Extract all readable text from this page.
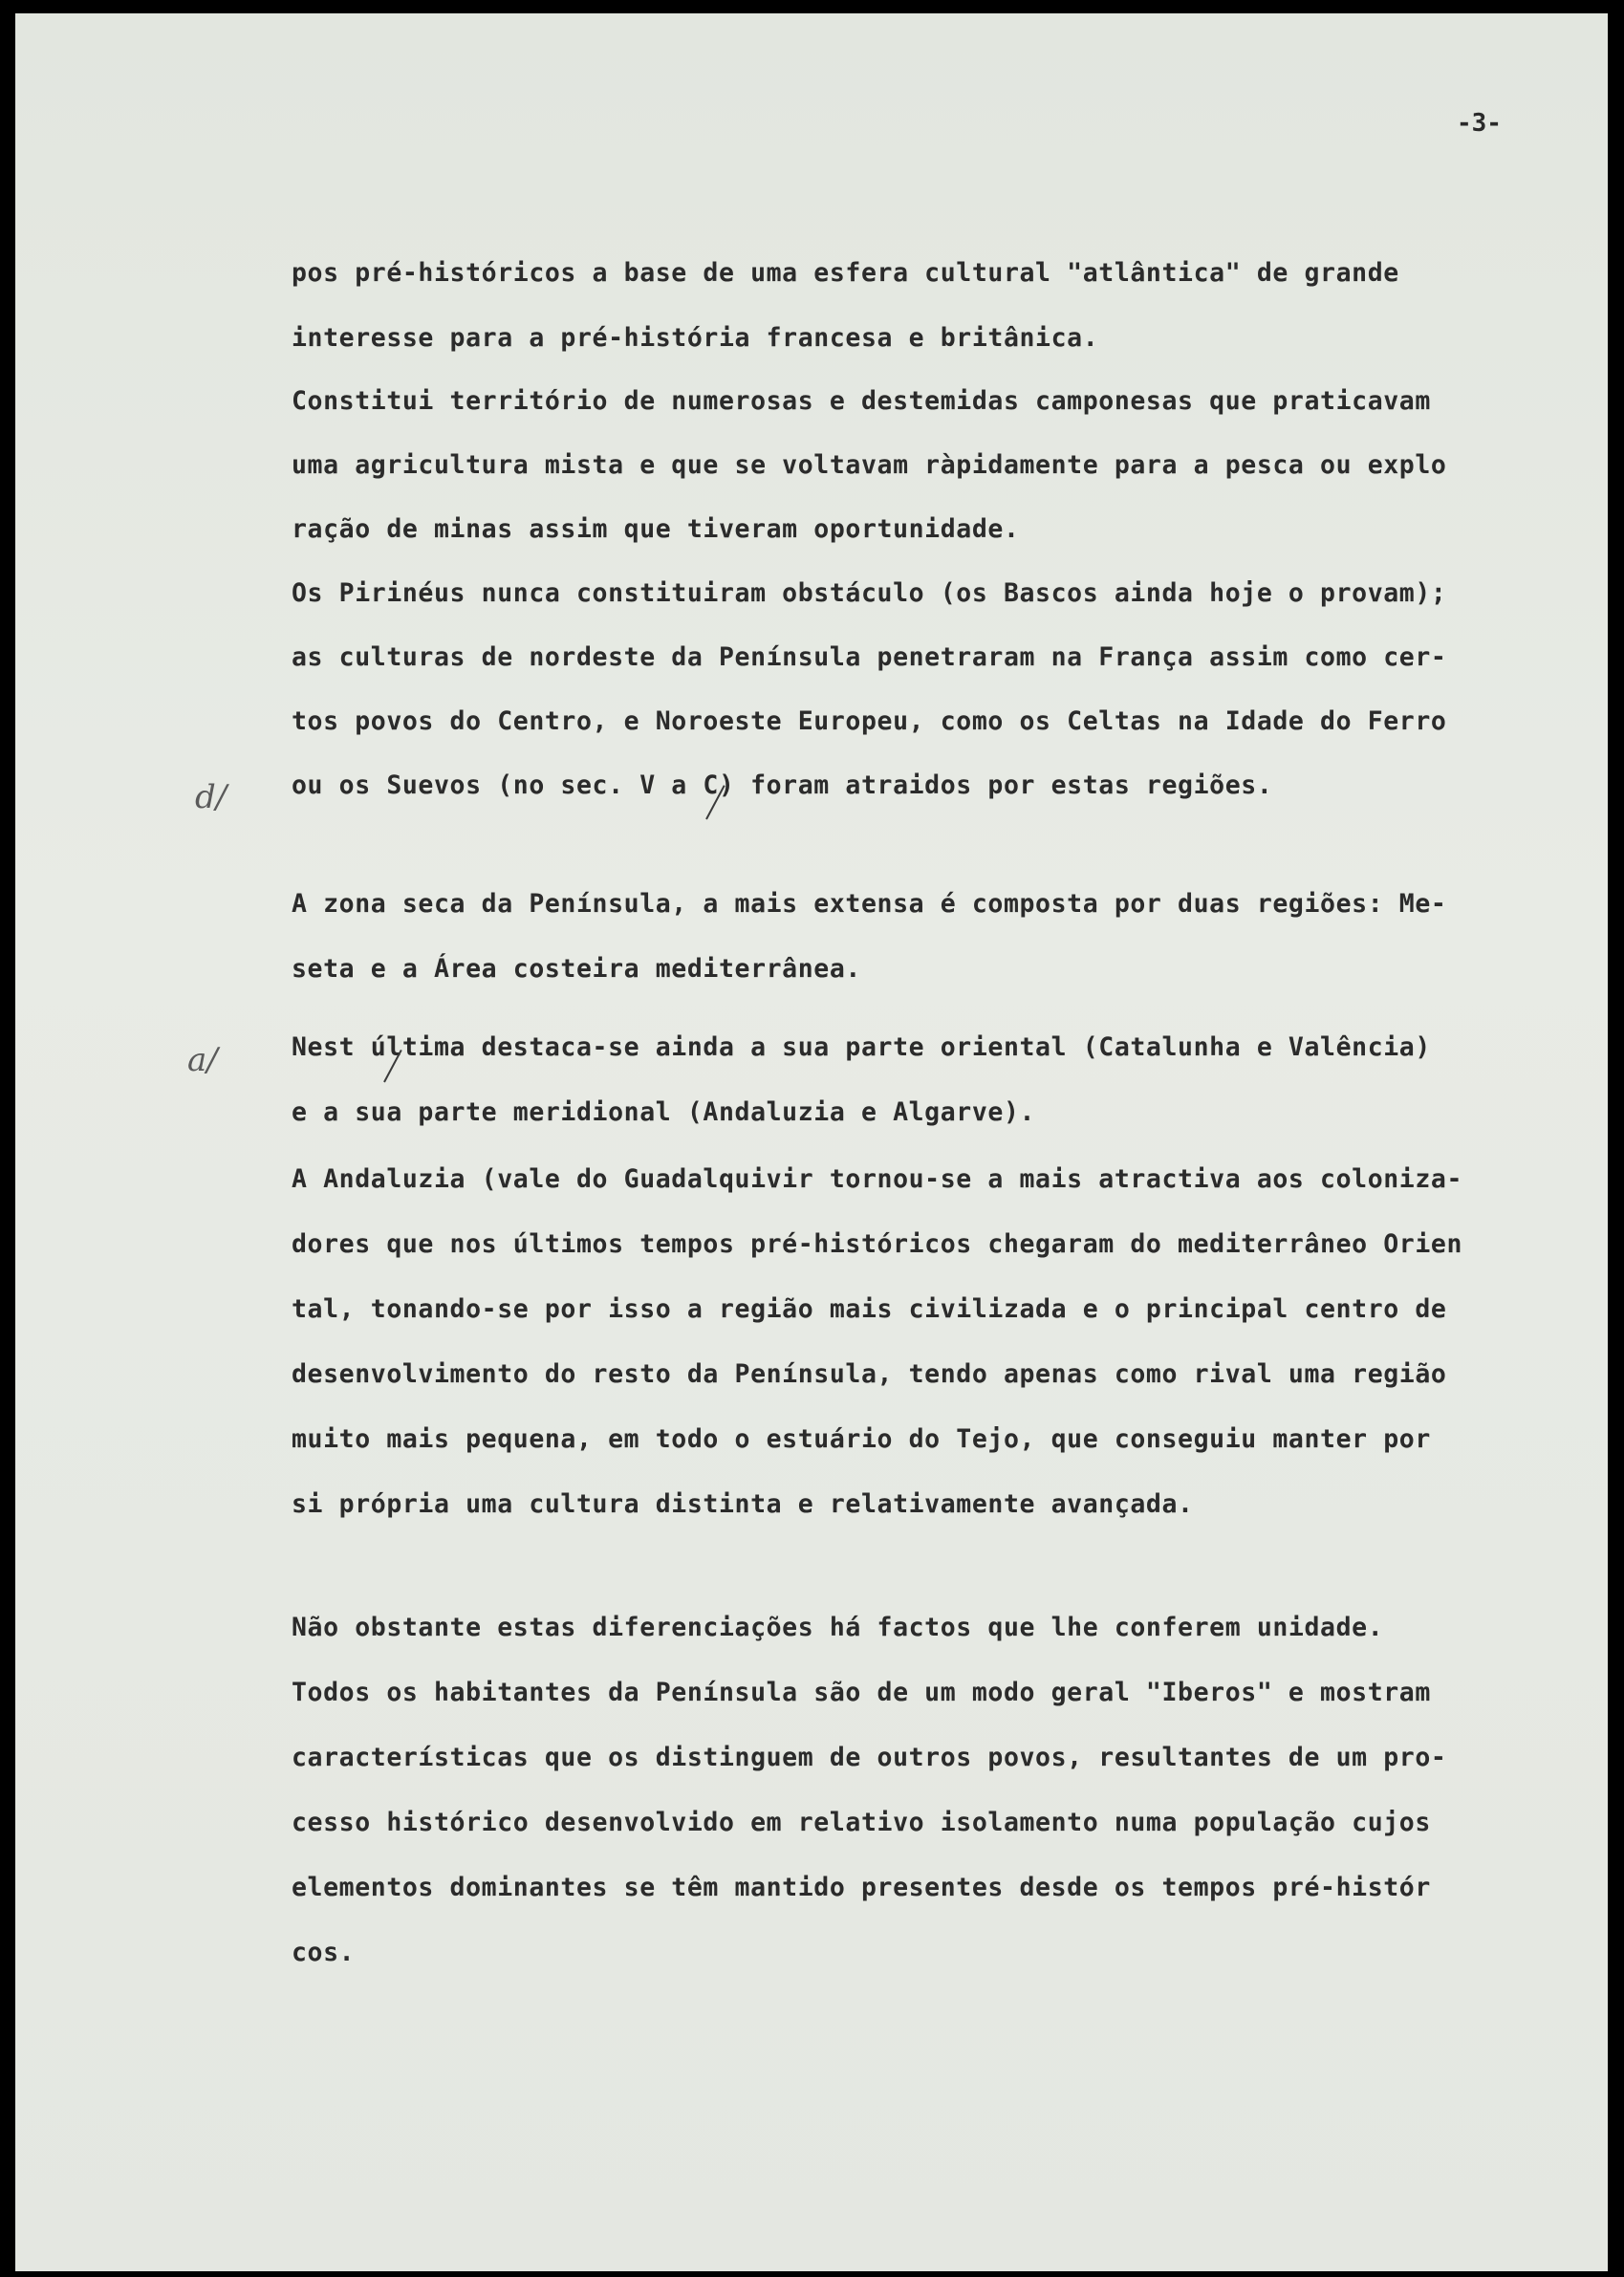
-3-
d/
a/
pos pré-históricos a base de uma esfera cultural "atlântica" de grande
interesse para a pré-história francesa e britânica.
Constitui território de numerosas e destemidas camponesas que praticavam
uma agricultura mista e que se voltavam ràpidamente para a pesca ou explo
ração de minas assim que tiveram oportunidade.
Os Pirinéus nunca constituiram obstáculo (os Bascos ainda hoje o provam);
as culturas de nordeste da Península penetraram na França assim como cer-
tos povos do Centro, e Noroeste Europeu, como os Celtas na Idade do Ferro
ou os Suevos (no sec. V a C) foram atraidos por estas regiões.
A zona seca da Península, a mais extensa é composta por duas regiões: Me-
seta e a Área costeira mediterrânea.
Nest última destaca-se ainda a sua parte oriental (Catalunha e Valência)
e a sua parte meridional (Andaluzia e Algarve).
A Andaluzia (vale do Guadalquivir tornou-se a mais atractiva aos coloniza-
dores que nos últimos tempos pré-históricos chegaram do mediterrâneo Orien
tal, tonando-se por isso a região mais civilizada e o principal centro de
desenvolvimento do resto da Península, tendo apenas como rival uma região
muito mais pequena, em todo o estuário do Tejo, que conseguiu manter por
si própria uma cultura distinta e relativamente avançada.
Não obstante estas diferenciações há factos que lhe conferem unidade.
Todos os habitantes da Península são de um modo geral "Iberos" e mostram
características que os distinguem de outros povos, resultantes de um pro-
cesso histórico desenvolvido em relativo isolamento numa população cujos
elementos dominantes se têm mantido presentes desde os tempos pré-histór
cos.
